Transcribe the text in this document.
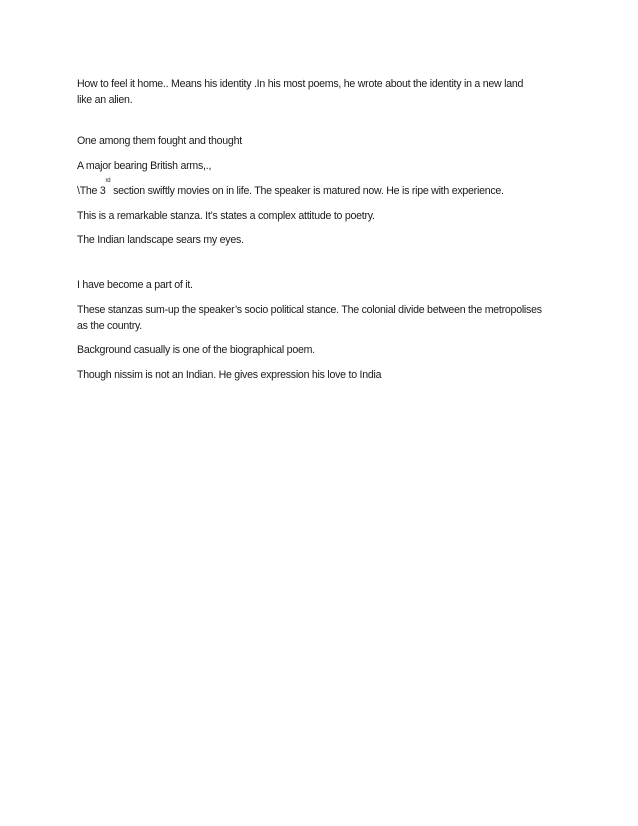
How to feel it home.. Means his identity .In his most poems, he wrote about the identity in a new land
like an alien.

One among them fought and thought

A major bearing British arms,.,

\The 3rd section swiftly movies on in life. The speaker is matured now. He is ripe with experience.

This is a remarkable stanza. It’s states a complex attitude to poetry.

The Indian landscape sears my eyes.

I have become a part of it.

These stanzas sum-up the speaker’s socio political stance. The colonial divide between the metropolises
as the country.

Background casually is one of the biographical poem.

Though nissim is not an Indian. He gives expression his love to India
